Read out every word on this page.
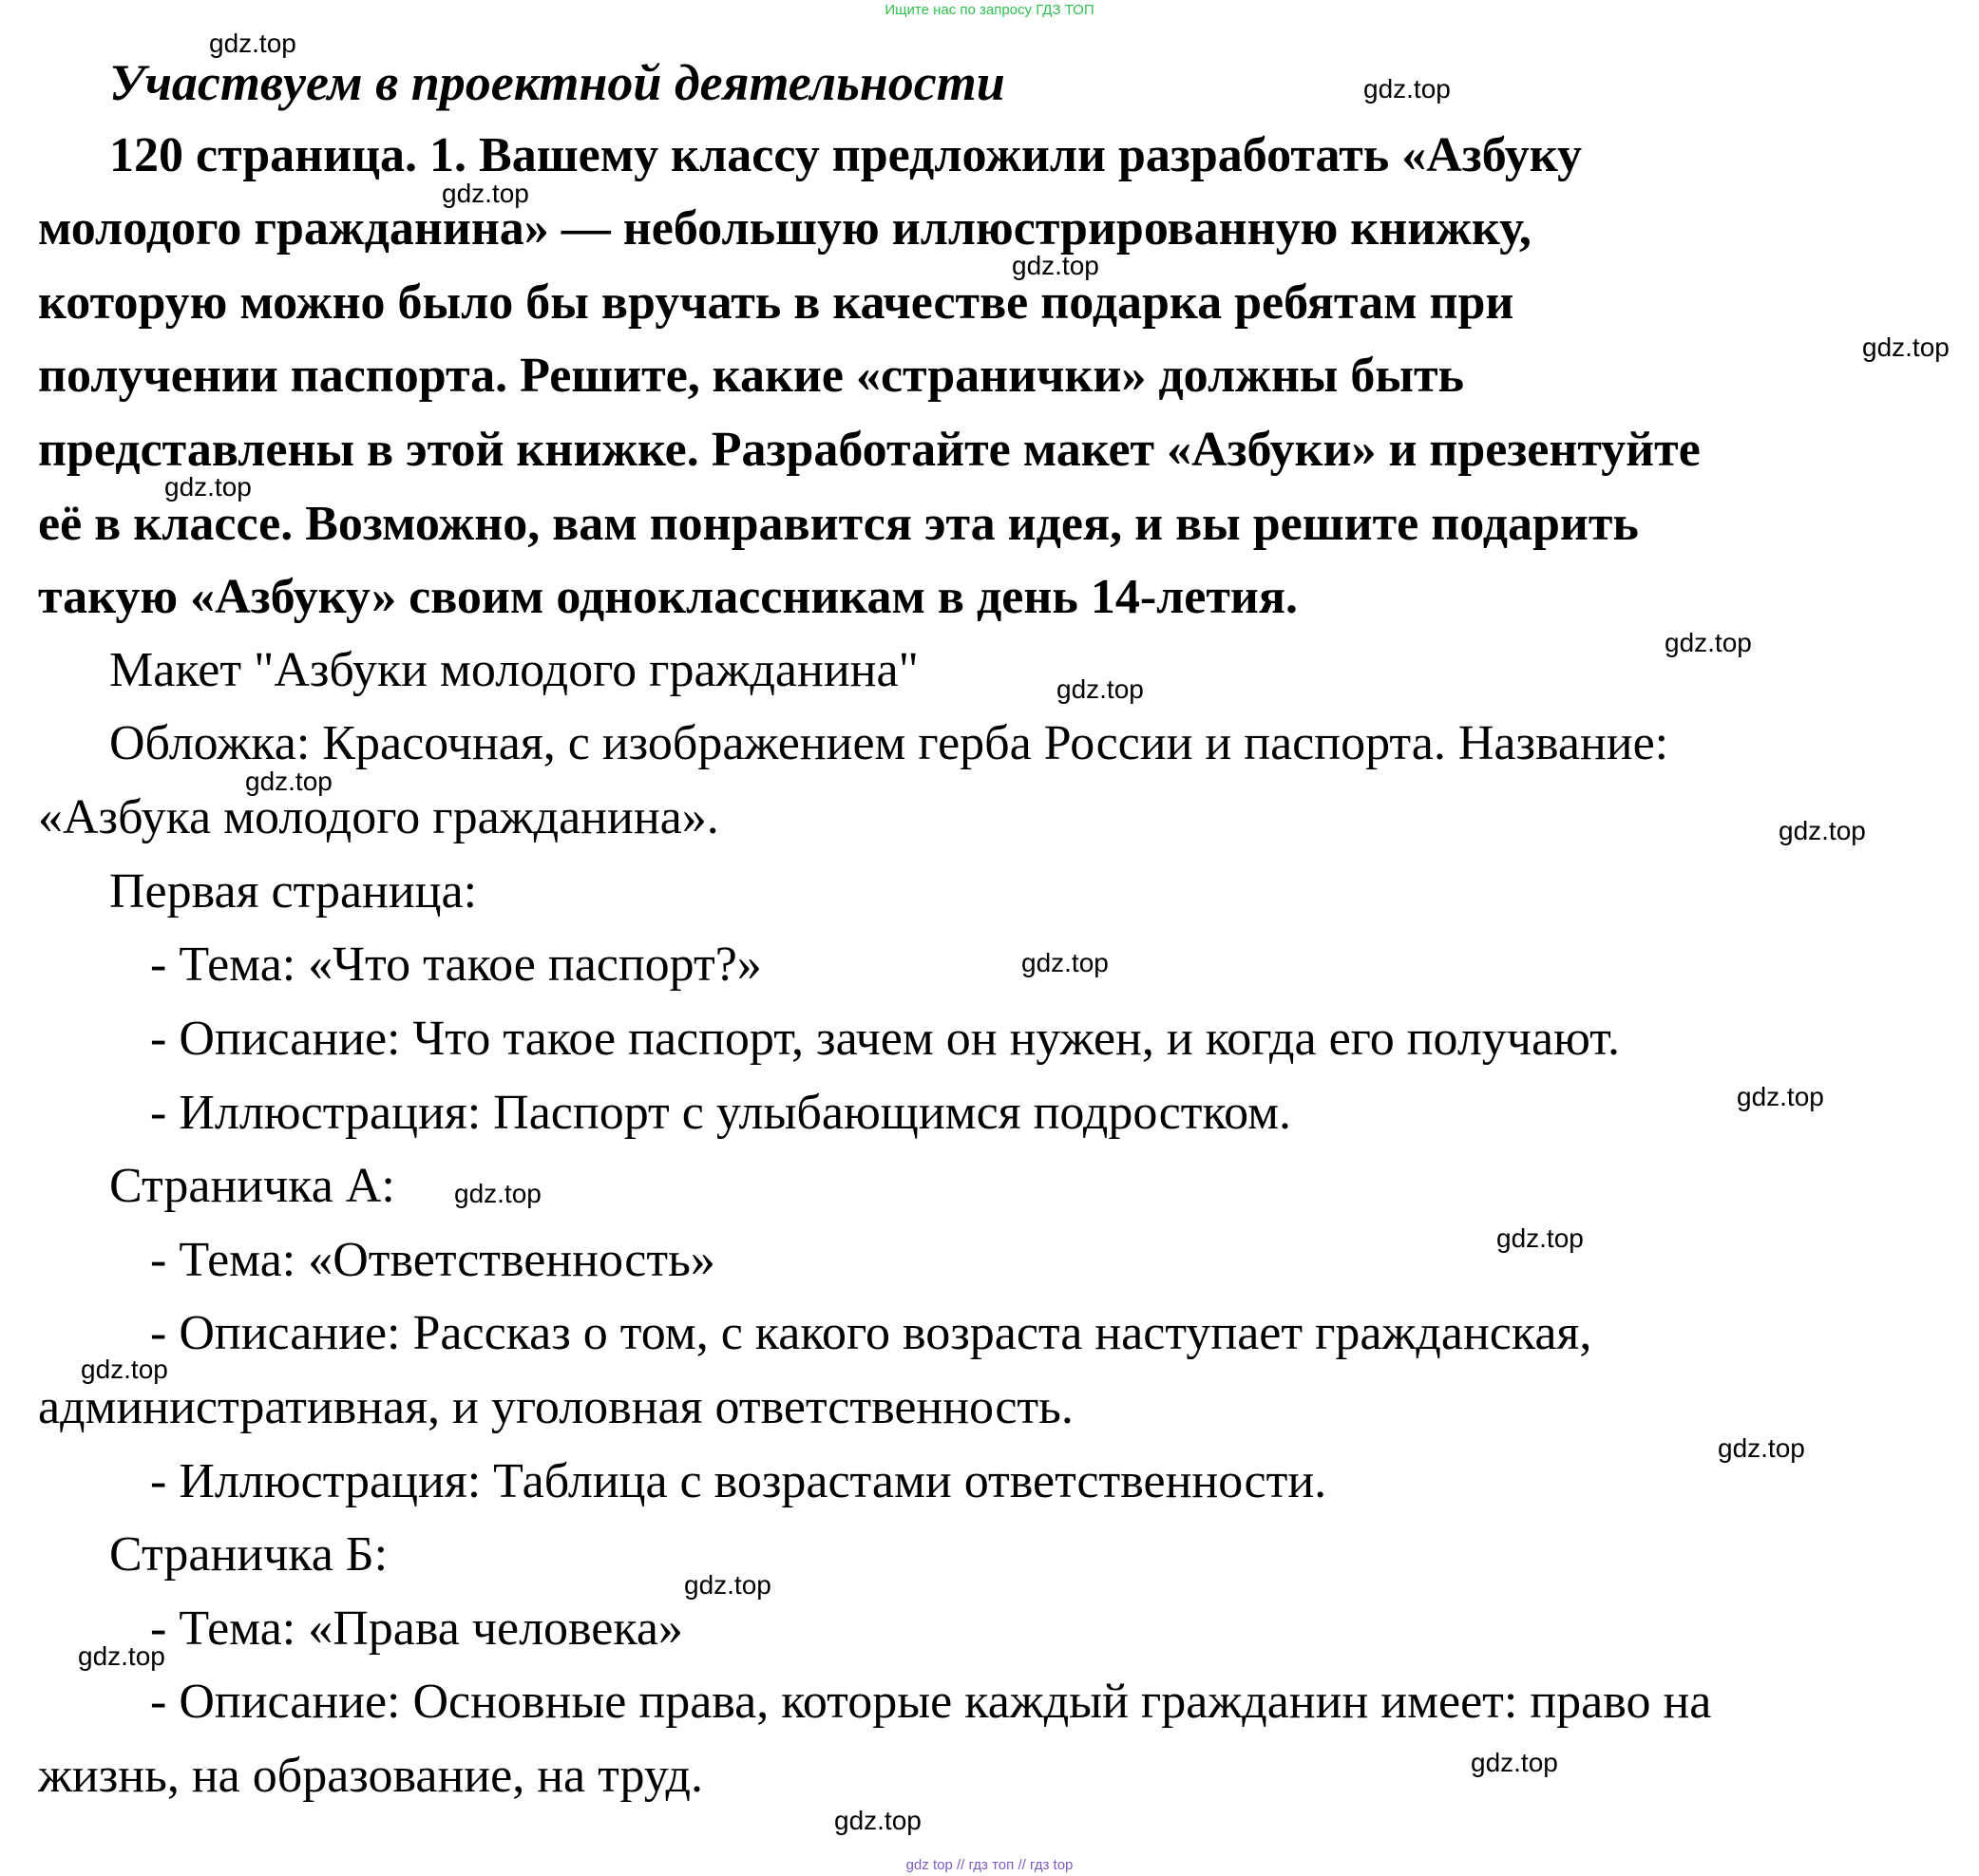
Ищите нас по запросу ГДЗ ТОП
Участвуем в проектной деятельности
120 страница. 1. Вашему классу предложили разработать «Азбуку
молодого гражданина» — небольшую иллюстрированную книжку,
которую можно было бы вручать в качестве подарка ребятам при
получении паспорта. Решите, какие «странички» должны быть
представлены в этой книжке. Разработайте макет «Азбуки» и презентуйте
её в классе. Возможно, вам понравится эта идея, и вы решите подарить
такую «Азбуку» своим одноклассникам в день 14-летия.
Макет "Азбуки молодого гражданина"
Обложка: Красочная, с изображением герба России и паспорта. Название:
«Азбука молодого гражданина».
Первая страница:
- Тема: «Что такое паспорт?»
- Описание: Что такое паспорт, зачем он нужен, и когда его получают.
- Иллюстрация: Паспорт с улыбающимся подростком.
Страничка А:
- Тема: «Ответственность»
- Описание: Рассказ о том, с какого возраста наступает гражданская,
административная, и уголовная ответственность.
- Иллюстрация: Таблица с возрастами ответственности.
Страничка Б:
- Тема: «Права человека»
- Описание: Основные права, которые каждый гражданин имеет: право на
жизнь, на образование, на труд.
gdz.top
gdz.top
gdz.top
gdz.top
gdz.top
gdz.top
gdz.top
gdz.top
gdz.top
gdz.top
gdz.top
gdz.top
gdz.top
gdz.top
gdz.top
gdz.top
gdz.top
gdz.top
gdz.top
gdz.top
gdz top // гдз топ // гдз top
